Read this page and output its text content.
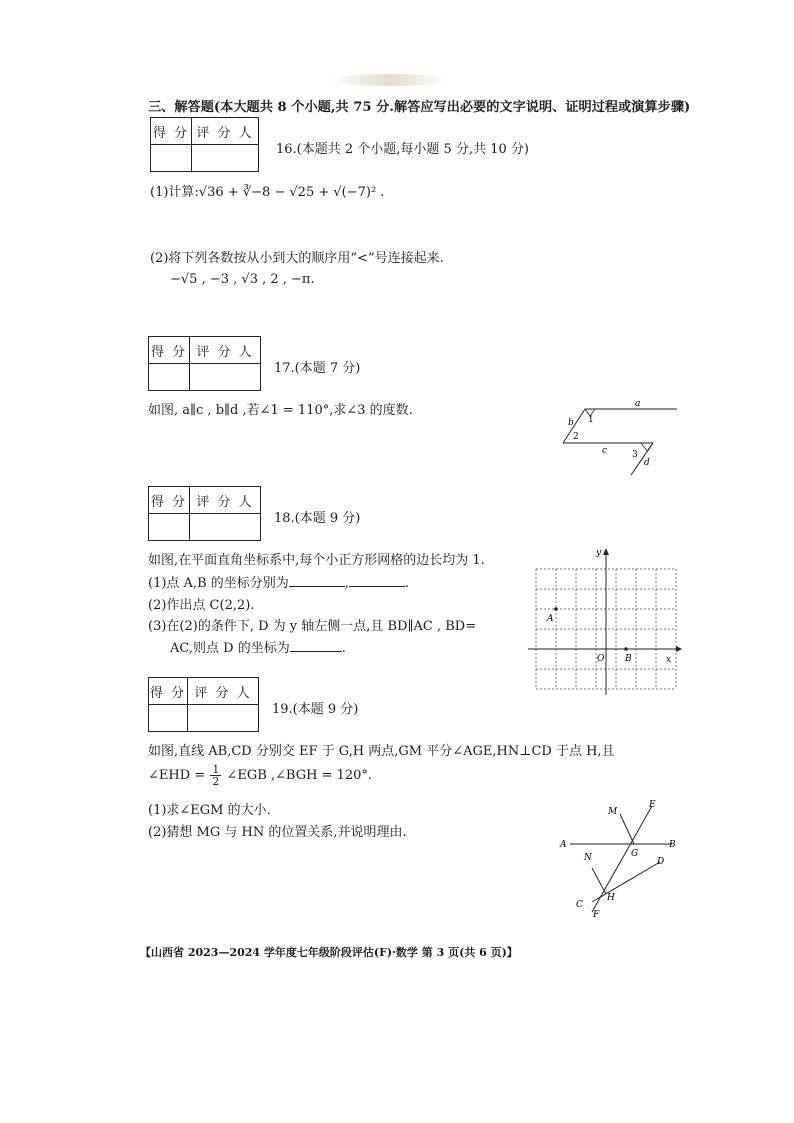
三、解答题(本大题共 8 个小题,共 75 分.解答应写出必要的文字说明、证明过程或演算步骤)
得 分	评 分 人

16.(本题共 2 个小题,每小题 5 分,共 10 分)
(1)计算:√36 + ∛−8 − √25 + √(−7)² .
(2)将下列各数按从小到大的顺序用“<”号连接起来.
−√5 , −3 , √3 , 2 , −π.
得 分	评 分 人

17.(本题 7 分)
如图, a∥c , b∥d ,若∠1 = 110°,求∠3 的度数.	a
b
c
d
1
2
3
得 分	评 分 人

18.(本题 9 分)
如图,在平面直角坐标系中,每个小正方形网格的边长均为 1.
(1)点 A,B 的坐标分别为	,	.
(2)作出点 C(2,2).
(3)在(2)的条件下, D 为 y 轴左侧一点,且 BD∥AC , BD=
AC,则点 D 的坐标为	.
x
y
O
A
B
得 分	评 分 人

19.(本题 9 分)
如图,直线 AB,CD 分别交 EF 于 G,H 两点,GM 平分∠AGE,HN⊥CD 于点 H,且
∠EHD = $\frac{1}{2}$ ∠EGB ,∠BGH = 120°.
(1)求∠EGM 的大小.
(2)猜想 MG 与 HN 的位置关系,并说明理由.
M
E
A	B
N	G
D
C
H
F
【山西省 2023—2024 学年度七年级阶段评估(F)·数学 第 3 页(共 6 页)】
